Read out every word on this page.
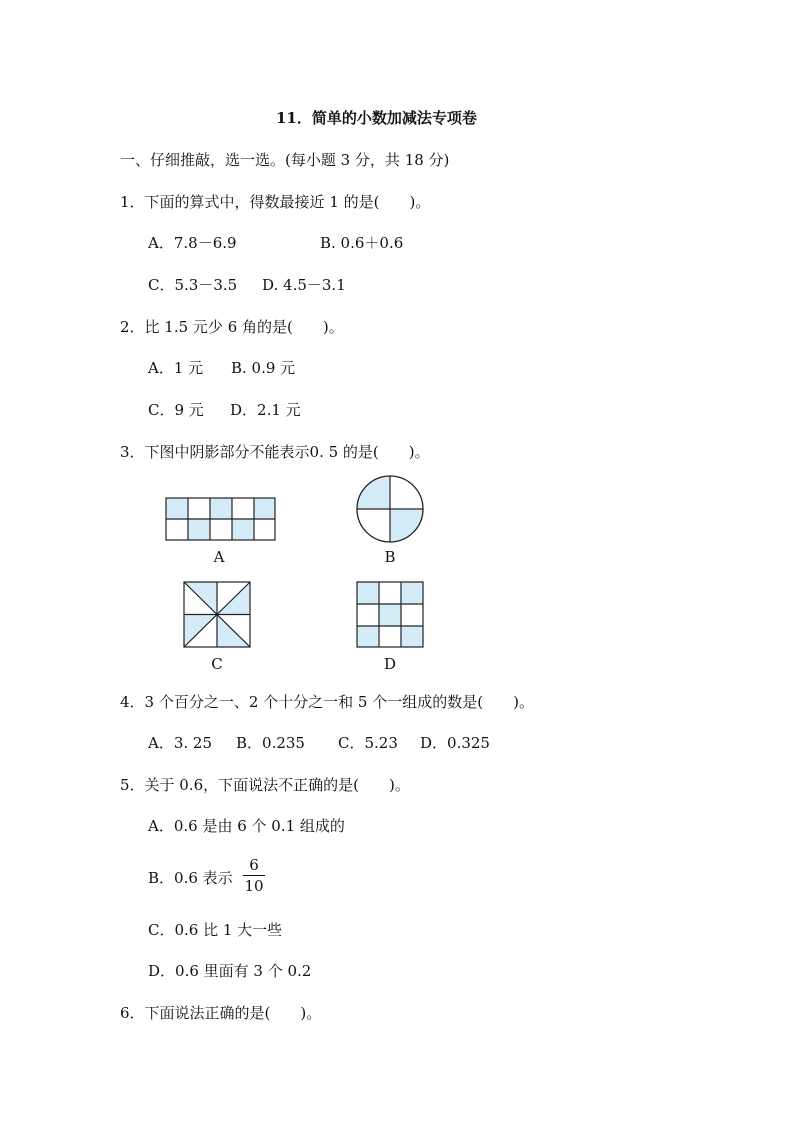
11．简单的小数加减法专项卷
一、仔细推敲，选一选。(每小题 3 分，共 18 分)
1．下面的算式中，得数最接近 1 的是(　　)。
A．7.8－6.9	B. 0.6＋0.6
C．5.3－3.5 D. 4.5－3.1
2．比 1.5 元少 6 角的是(　　)。
A．1 元 B. 0.9 元
C．9 元 D．2.1 元
3．下图中阴影部分不能表示0. 5 的是(　　)。
A	B
C	D
4．3 个百分之一、2 个十分之一和 5 个一组成的数是(　　)。
A．3. 25 B．0.235 C．5.23 D．0.325
5．关于 0.6，下面说法不正确的是(　　)。
A．0.6 是由 6 个 0.1 组成的
B．0.6 表示
6
10
C．0.6 比 1 大一些
D．0.6 里面有 3 个 0.2
6．下面说法正确的是(　　)。
